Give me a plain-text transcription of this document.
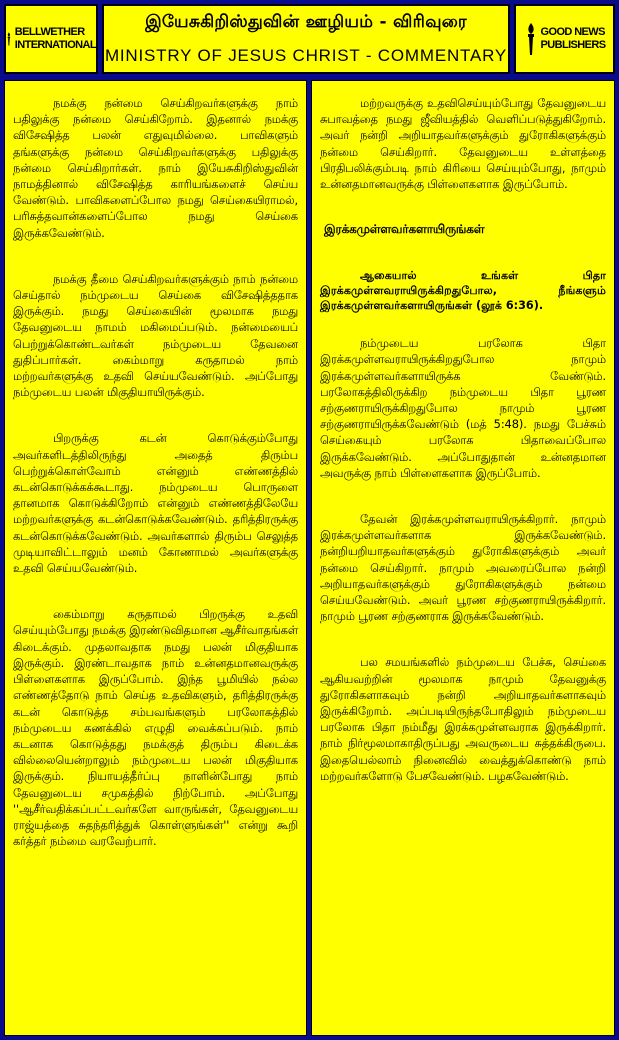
BELLWETHER
INTERNATIONAL
இயேசுகிறிஸ்துவின் ஊழியம் - விரிவுரை
MINISTRY OF JESUS CHRIST - COMMENTARY
GOOD NEWS
PUBLISHERS

நமக்கு நன்மை செய்கிறவர்களுக்கு நாம் பதிலுக்கு நன்மை செய்கிறோம். இதனால் நமக்கு விசேஷித்த பலன் எதுவுமில்லை. பாவிகளும் தங்களுக்கு நன்மை செய்கிறவர்களுக்கு பதிலுக்கு நன்மை செய்கிறார்கள். நாம் இயேசுகிறிஸ்துவின் நாமத்தினால் விசேஷித்த காரியங்களைச் செய்ய வேண்டும். பாவிகளைப்போல நமது செய்கையிராமல், பரிசுத்தவான்களைப்போல நமது செய்கை இருக்கவேண்டும்.

நமக்கு தீமை செய்கிறவர்களுக்கும் நாம் நன்மை செய்தால் நம்முடைய செய்கை விசேஷித்ததாக இருக்கும். நமது செய்கையின் மூலமாக நமது தேவனுடைய நாமம் மகிமைப்படும். நன்மையைப் பெற்றுக்கொண்டவர்கள் நம்முடைய தேவனை துதிப்பார்கள். கைம்மாறு கருதாமல் நாம் மற்றவர்களுக்கு உதவி செய்யவேண்டும். அப்போது நம்முடைய பலன் மிகுதியாயிருக்கும்.

பிறருக்கு கடன் கொடுக்கும்போது அவர்களிடத்திலிருந்து அதைத் திரும்ப பெற்றுக்கொள்வோம் என்னும் எண்ணத்தில் கடன்கொடுக்கக்கூடாது. நம்முடைய பொருளை தானமாக கொடுக்கிறோம் என்னும் எண்ணத்திலேயே மற்றவர்களுக்கு கடன்கொடுக்கவேண்டும். தரித்திரருக்கு கடன்கொடுக்கவேண்டும். அவர்களால் திரும்ப செலுத்த முடியாவிட்டாலும் மனம் கோணாமல் அவர்களுக்கு உதவி செய்யவேண்டும்.

கைம்மாறு கருதாமல் பிறருக்கு உதவி செய்யும்போது நமக்கு இரண்டுவிதமான ஆசீர்வாதங்கள் கிடைக்கும். முதலாவதாக நமது பலன் மிகுதியாக இருக்கும். இரண்டாவதாக நாம் உன்னதமானவருக்கு பிள்ளைகளாக இருப்போம். இந்த பூமியில் நல்ல எண்ணத்தோடு நாம் செய்த உதவிகளும், தரித்திரருக்கு கடன் கொடுத்த சம்பவங்களும் பரலோகத்தில் நம்முடைய கணக்கில் எழுதி வைக்கப்படும். நாம் கடனாக கொடுத்தது நமக்குத் திரும்ப கிடைக்க வில்லையென்றாலும் நம்முடைய பலன் மிகுதியாக இருக்கும். நியாயத்தீர்ப்பு நாளின்போது நாம் தேவனுடைய சமுகத்தில் நிற்போம். அப்போது ''ஆசீர்வதிக்கப்பட்டவர்களே வாருங்கள், தேவனுடைய ராஜ்யத்தை சுதந்தரித்துக் கொள்ளுங்கள்'' என்று கூறி கர்த்தர் நம்மை வரவேற்பார்.

மற்றவருக்கு உதவிசெய்யும்போது தேவனுடைய சுபாவத்தை நமது ஜீவியத்தில் வெளிப்படுத்துகிறோம். அவர் நன்றி அறியாதவர்களுக்கும் துரோகிகளுக்கும் நன்மை செய்கிறார். தேவனுடைய உள்ளத்தை பிரதிபலிக்கும்படி நாம் கிரியை செய்யும்போது, நாமும் உன்னதமானவருக்கு பிள்ளைகளாக இருப்போம்.

இரக்கமுள்ளவர்களாயிருங்கள்

ஆகையால் உங்கள் பிதா இரக்கமுள்ளவராயிருக்கிறதுபோல, நீங்களும் இரக்கமுள்ளவர்களாயிருங்கள் (லூக் 6:36).

நம்முடைய பரலோக பிதா இரக்கமுள்ளவராயிருக்கிறதுபோல நாமும் இரக்கமுள்ளவர்களாயிருக்க வேண்டும். பரலோகத்திலிருக்கிற நம்முடைய பிதா பூரண சற்குணராயிருக்கிறதுபோல நாமும் பூரண சற்குணராயிருக்கவேண்டும் (மத் 5:48). நமது பேச்சும் செய்கையும் பரலோக பிதாவைப்போல இருக்கவேண்டும். அப்போதுதான் உன்னதமான அவருக்கு நாம் பிள்ளைகளாக இருப்போம்.

தேவன் இரக்கமுள்ளவராயிருக்கிறார். நாமும் இரக்கமுள்ளவர்களாக இருக்கவேண்டும். நன்றியறியாதவர்களுக்கும் துரோகிகளுக்கும் அவர் நன்மை செய்கிறார். நாமும் அவரைப்போல நன்றி அறியாதவர்களுக்கும் துரோகிகளுக்கும் நன்மை செய்யவேண்டும். அவர் பூரண சற்குணராயிருக்கிறார். நாமும் பூரண சற்குணராக இருக்கவேண்டும்.

பல சமயங்களில் நம்முடைய பேச்சு, செய்கை ஆகியவற்றின் மூலமாக நாமும் தேவனுக்கு துரோகிகளாகவும் நன்றி அறியாதவர்களாகவும் இருக்கிறோம். அப்படியிருந்தபோதிலும் நம்முடைய பரலோக பிதா நம்மீது இரக்கமுள்ளவராக இருக்கிறார். நாம் நிர்மூலமாகாதிருப்பது அவருடைய சுத்தக்கிருபை. இதையெல்லாம் நினைவில் வைத்துக்கொண்டு நாம் மற்றவர்களோடு பேசவேண்டும். பழகவேண்டும்.
